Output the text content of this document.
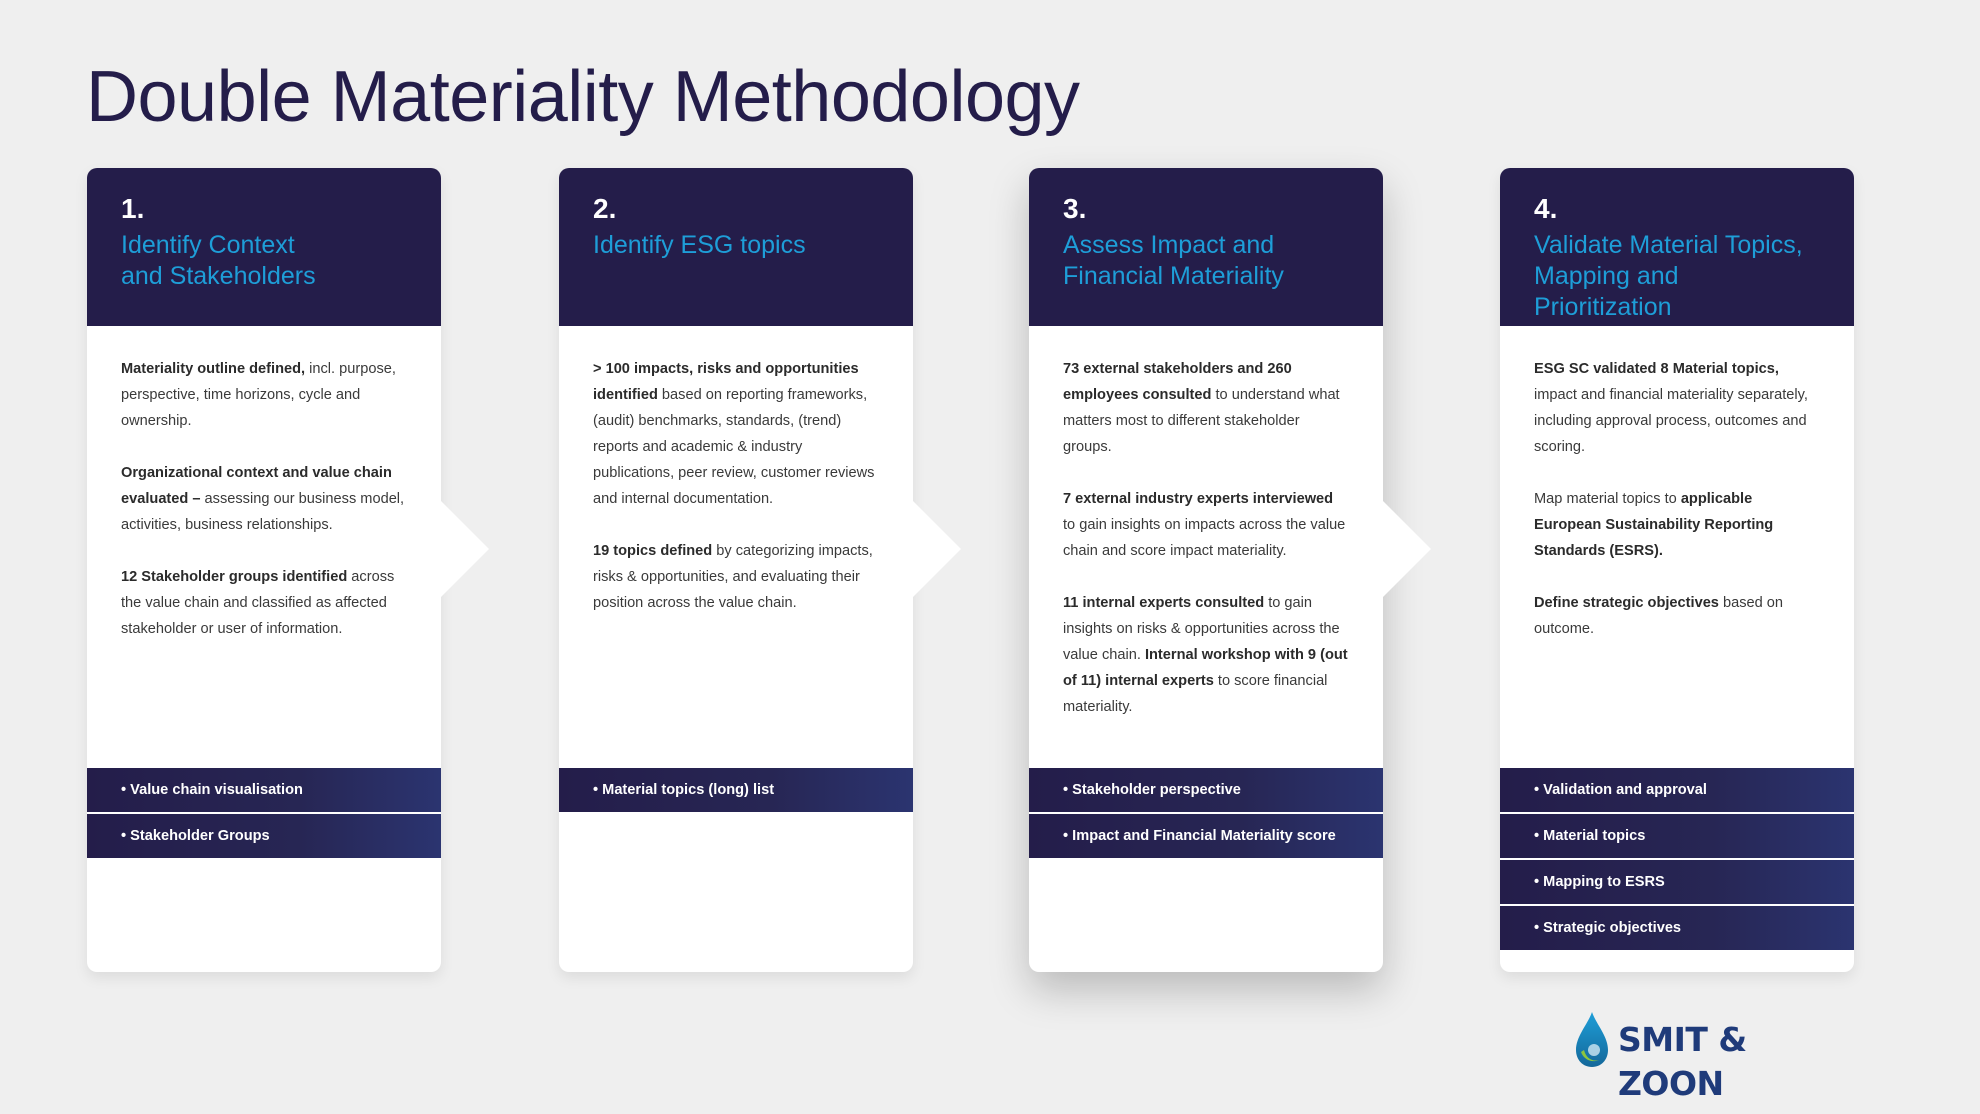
Double Materiality Methodology
1.
Identify Context
and Stakeholders

Materiality outline defined, incl. purpose, perspective, time horizons, cycle and ownership.

Organizational context and value chain evaluated – assessing our business model, activities, business relationships.

12 Stakeholder groups identified across the value chain and classified as affected stakeholder or user of information.

• Value chain visualisation
• Stakeholder Groups
2.
Identify ESG topics

> 100 impacts, risks and opportunities identified based on reporting frameworks, (audit) benchmarks, standards, (trend) reports and academic & industry publications, peer review, customer reviews and internal documentation.

19 topics defined by categorizing impacts, risks & opportunities, and evaluating their position across the value chain.

• Material topics (long) list
3.
Assess Impact and
Financial Materiality

73 external stakeholders and 260 employees consulted to understand what matters most to different stakeholder groups.

7 external industry experts interviewed to gain insights on impacts across the value chain and score impact materiality.

11 internal experts consulted to gain insights on risks & opportunities across the value chain. Internal workshop with 9 (out of 11) internal experts to score financial materiality.

• Stakeholder perspective
• Impact and Financial Materiality score
4.
Validate Material Topics,
Mapping and Prioritization

ESG SC validated 8 Material topics, impact and financial materiality separately, including approval process, outcomes and scoring.

Map material topics to applicable European Sustainability Reporting Standards (ESRS).

Define strategic objectives based on outcome.

• Validation and approval
• Material topics
• Mapping to ESRS
• Strategic objectives
SMIT & ZOON
